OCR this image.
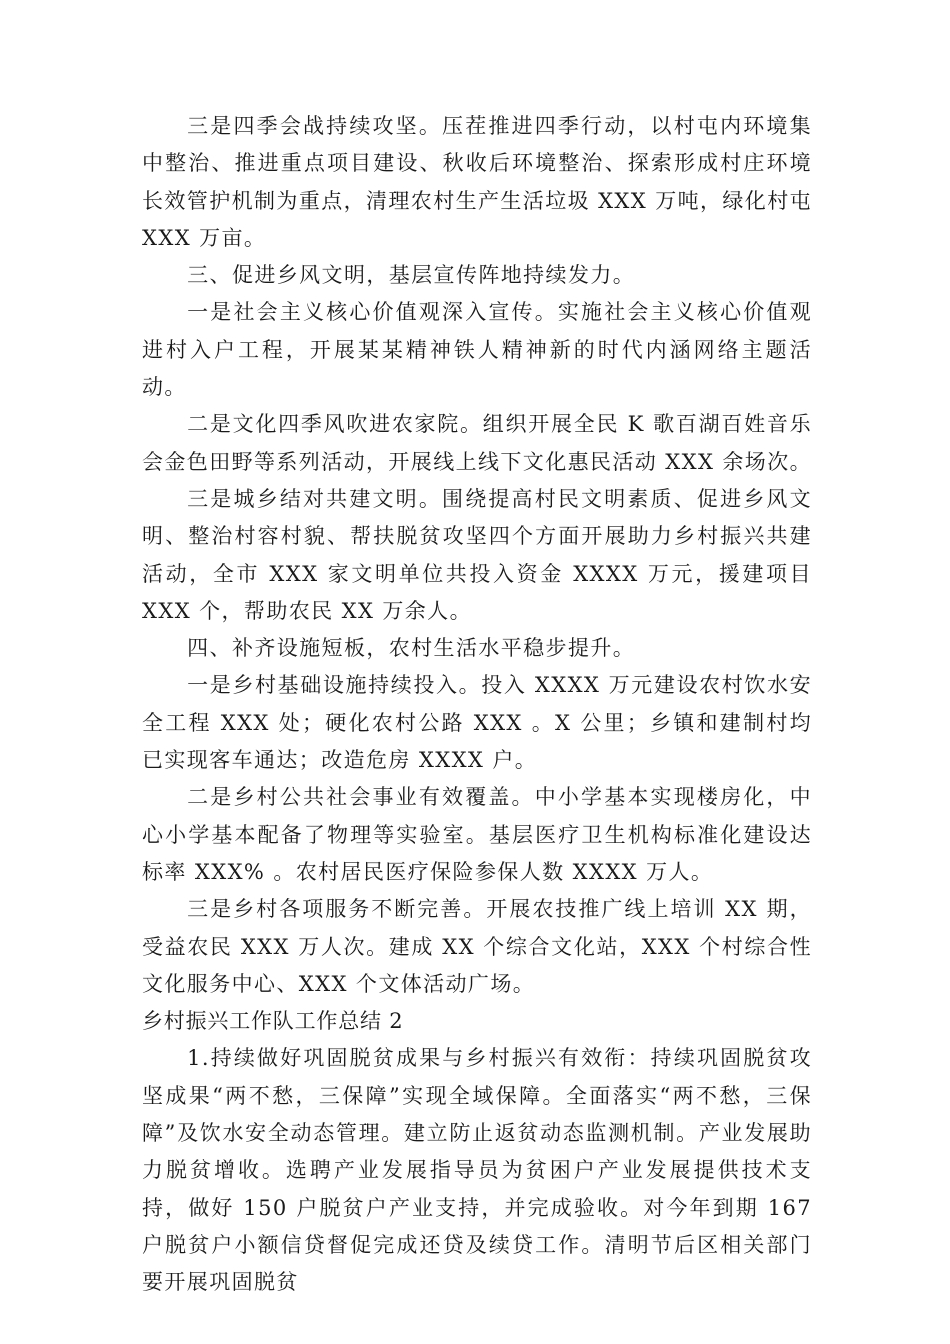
三是四季会战持续攻坚。压茬推进四季行动，以村屯内环境集中整治、推进重点项目建设、秋收后环境整治、探索形成村庄环境长效管护机制为重点，清理农村生产生活垃圾 XXX 万吨，绿化村屯 XXX 万亩。

三、促进乡风文明，基层宣传阵地持续发力。

一是社会主义核心价值观深入宣传。实施社会主义核心价值观进村入户工程，开展某某精神铁人精神新的时代内涵网络主题活动。

二是文化四季风吹进农家院。组织开展全民 K 歌百湖百姓音乐会金色田野等系列活动，开展线上线下文化惠民活动 XXX 余场次。

三是城乡结对共建文明。围绕提高村民文明素质、促进乡风文明、整治村容村貌、帮扶脱贫攻坚四个方面开展助力乡村振兴共建活动，全市 XXX 家文明单位共投入资金 XXXX 万元，援建项目 XXX 个，帮助农民 XX 万余人。

四、补齐设施短板，农村生活水平稳步提升。

一是乡村基础设施持续投入。投入 XXXX 万元建设农村饮水安全工程 XXX 处；硬化农村公路 XXX 。X 公里；乡镇和建制村均已实现客车通达；改造危房 XXXX 户。

二是乡村公共社会事业有效覆盖。中小学基本实现楼房化，中心小学基本配备了物理等实验室。基层医疗卫生机构标准化建设达标率 XXX% 。农村居民医疗保险参保人数 XXXX 万人。

三是乡村各项服务不断完善。开展农技推广线上培训 XX 期，受益农民 XXX 万人次。建成 XX 个综合文化站，XXX 个村综合性文化服务中心、XXX 个文体活动广场。

乡村振兴工作队工作总结 2

1.持续做好巩固脱贫成果与乡村振兴有效衔：持续巩固脱贫攻坚成果“两不愁，三保障”实现全域保障。全面落实“两不愁，三保障”及饮水安全动态管理。建立防止返贫动态监测机制。产业发展助力脱贫增收。选聘产业发展指导员为贫困户产业发展提供技术支持，做好 150 户脱贫户产业支持，并完成验收。对今年到期 167 户脱贫户小额信贷督促完成还贷及续贷工作。清明节后区相关部门要开展巩固脱贫
